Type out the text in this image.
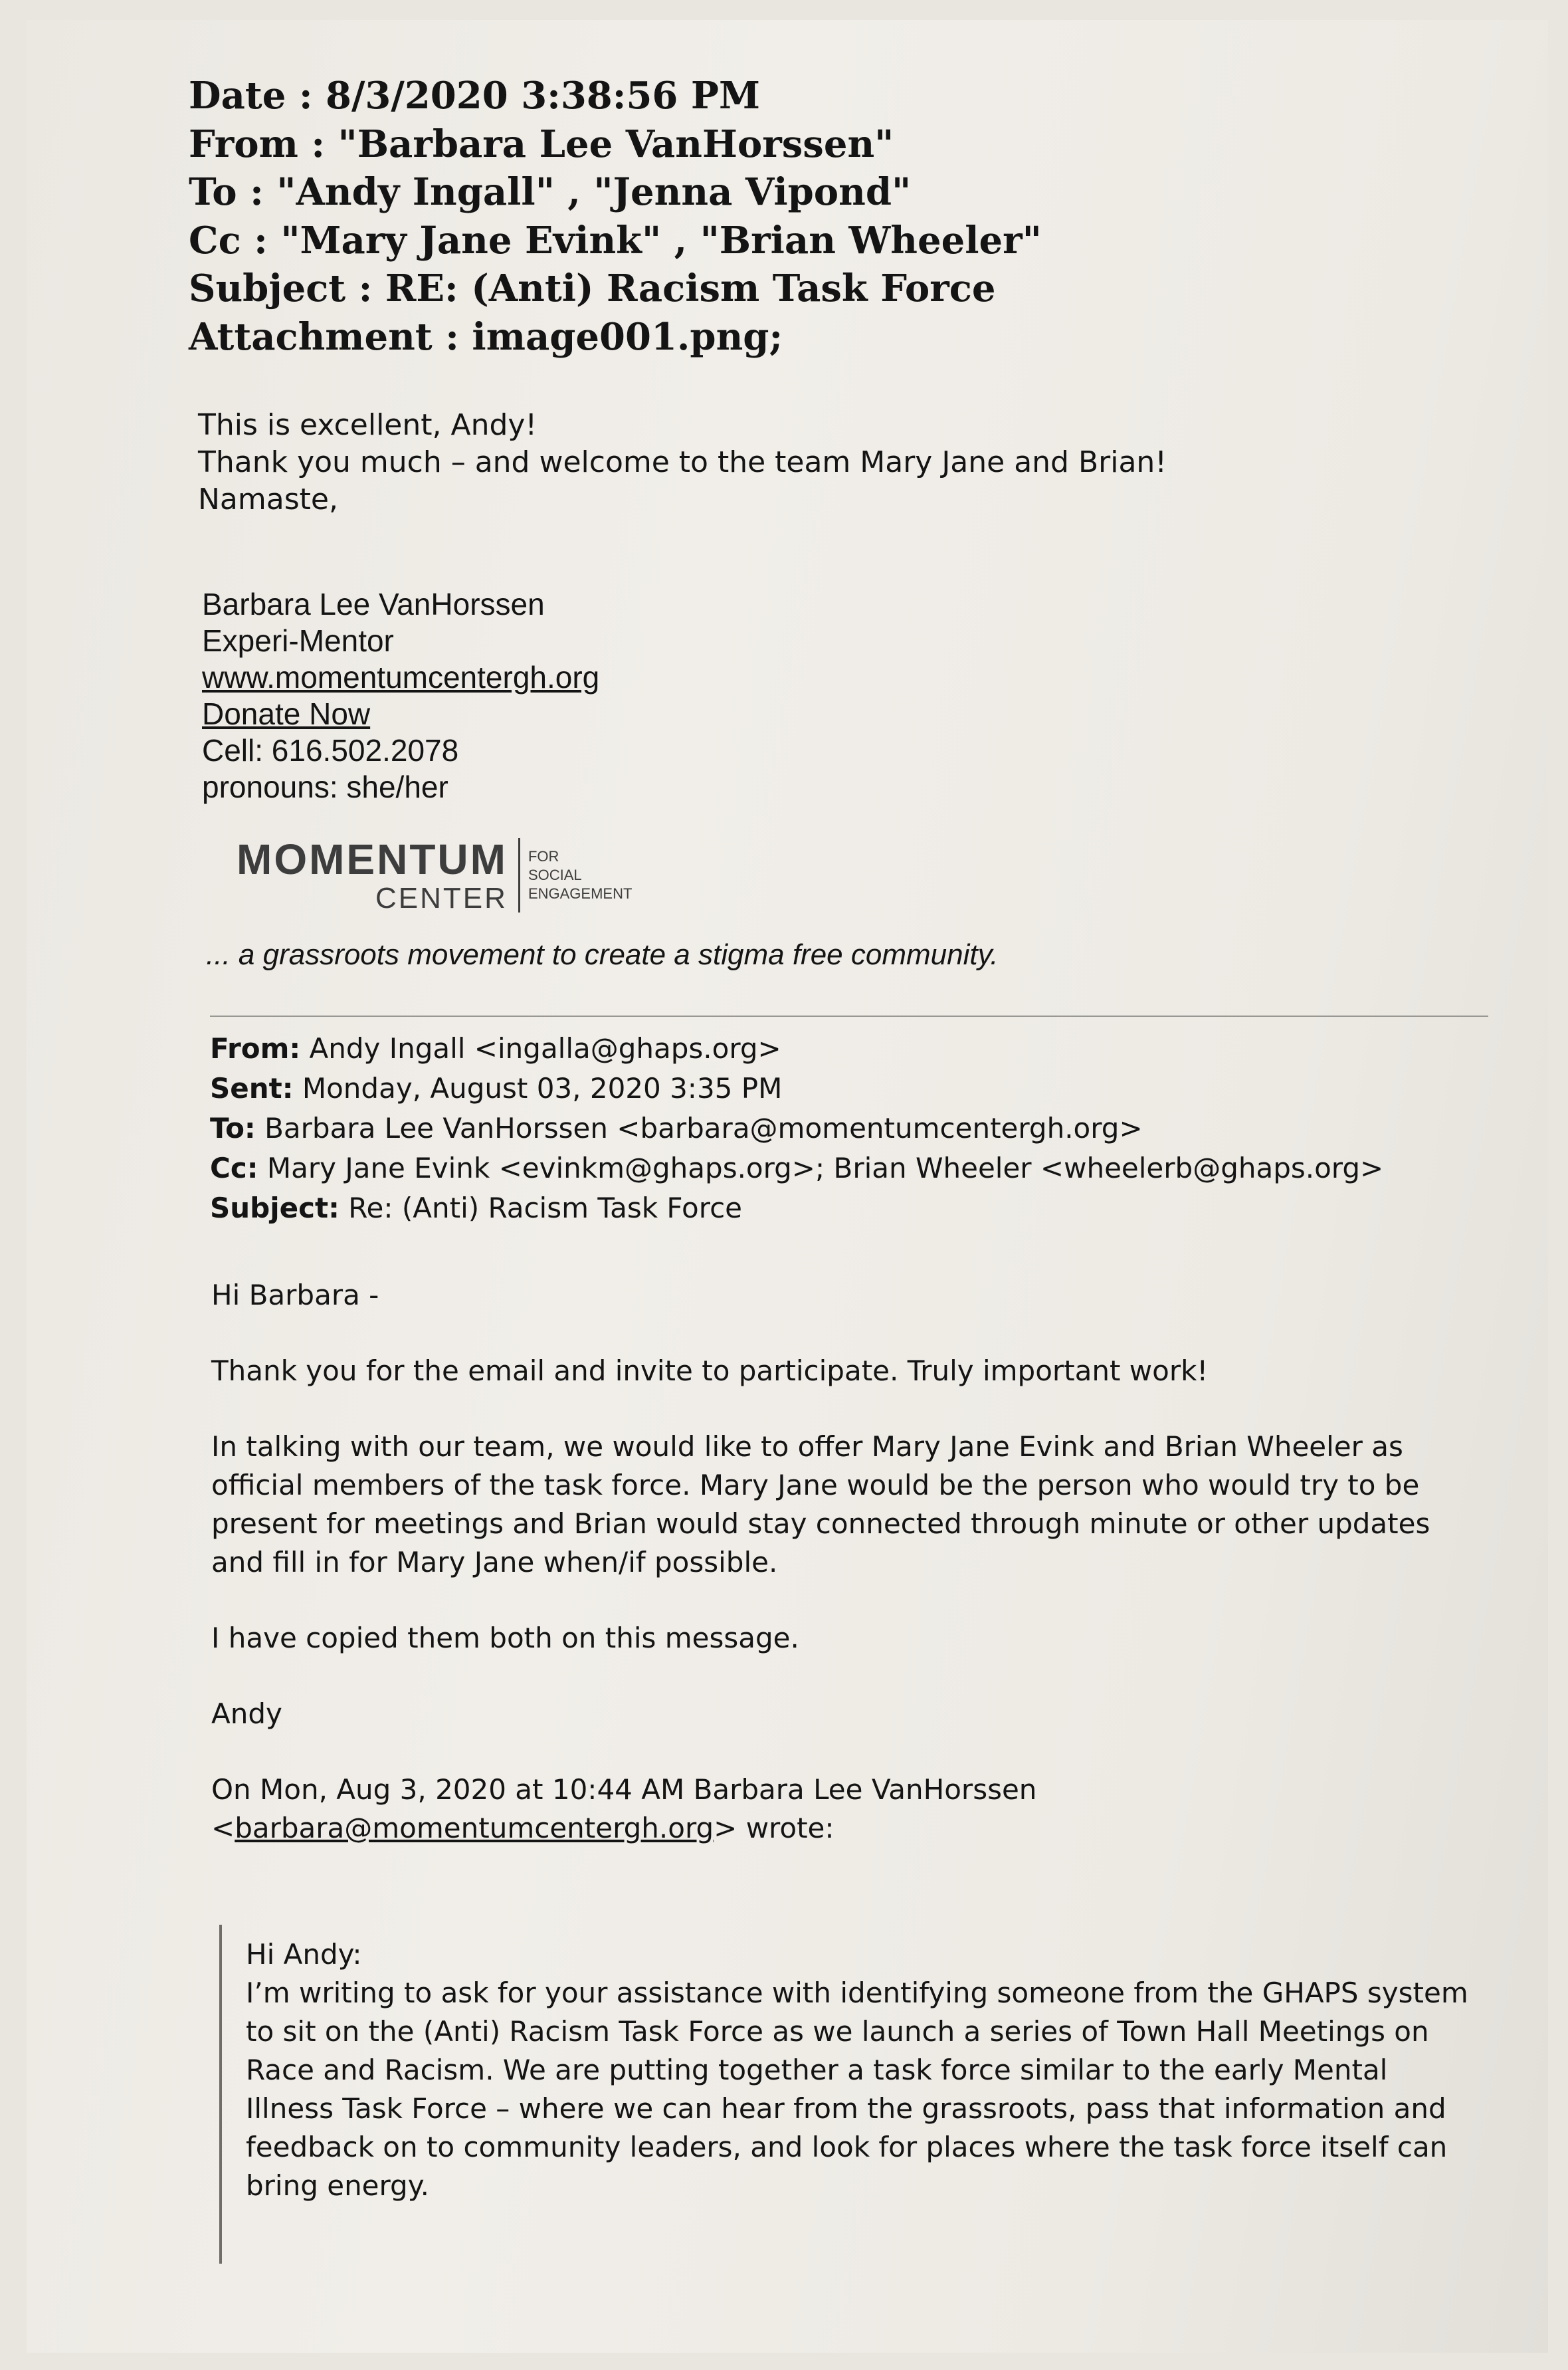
Date : 8/3/2020 3:38:56 PM
From : "Barbara Lee VanHorssen"
To : "Andy Ingall" , "Jenna Vipond"
Cc : "Mary Jane Evink" , "Brian Wheeler"
Subject : RE: (Anti) Racism Task Force
Attachment : image001.png;
This is excellent, Andy!
Thank you much – and welcome to the team Mary Jane and Brian!
Namaste,
Barbara Lee VanHorssen
Experi-Mentor
www.momentumcentergh.org
Donate Now
Cell: 616.502.2078
pronouns: she/her
MOMENTUM
CENTER
FOR
SOCIAL
ENGAGEMENT
... a grassroots movement to create a stigma free community.
From: Andy Ingall <ingalla@ghaps.org>
Sent: Monday, August 03, 2020 3:35 PM
To: Barbara Lee VanHorssen <barbara@momentumcentergh.org>
Cc: Mary Jane Evink <evinkm@ghaps.org>; Brian Wheeler <wheelerb@ghaps.org>
Subject: Re: (Anti) Racism Task Force

Hi Barbara -

Thank you for the email and invite to participate. Truly important work!

In talking with our team, we would like to offer Mary Jane Evink and Brian Wheeler as official members of the task force. Mary Jane would be the person who would try to be present for meetings and Brian would stay connected through minute or other updates and fill in for Mary Jane when/if possible.

I have copied them both on this message.

Andy

On Mon, Aug 3, 2020 at 10:44 AM Barbara Lee VanHorssen

<barbara@momentumcentergh.org> wrote:

Hi Andy:

I’m writing to ask for your assistance with identifying someone from the GHAPS system to sit on the (Anti) Racism Task Force as we launch a series of Town Hall Meetings on Race and Racism. We are putting together a task force similar to the early Mental Illness Task Force – where we can hear from the grassroots, pass that information and feedback on to community leaders, and look for places where the task force itself can bring energy.
